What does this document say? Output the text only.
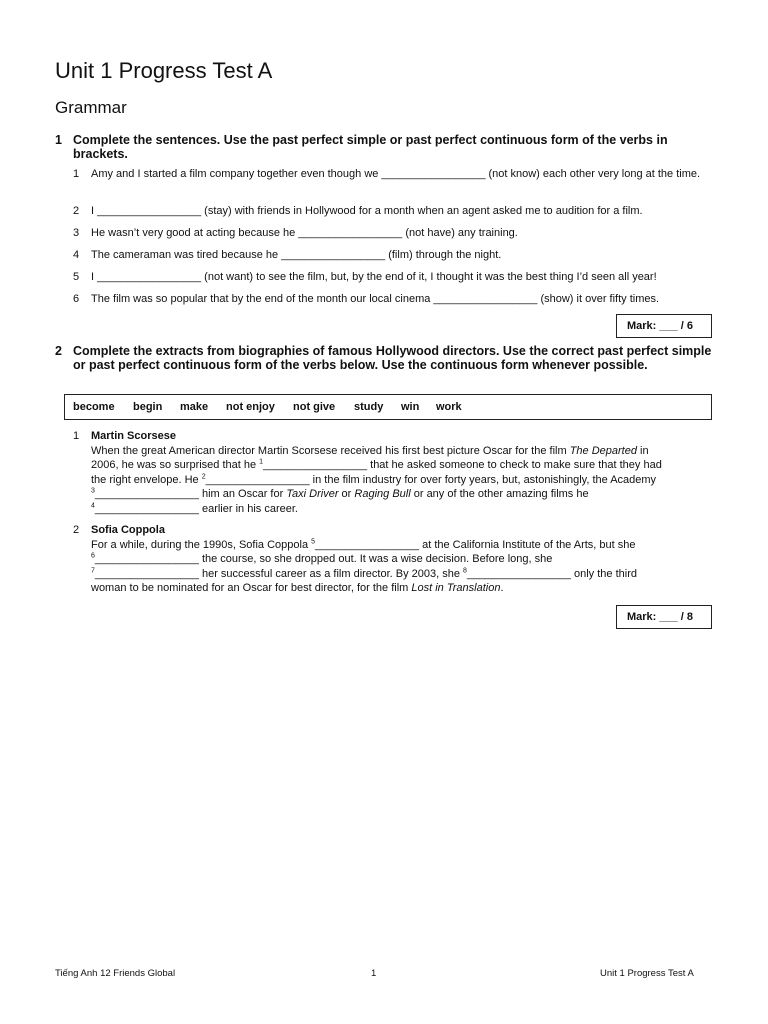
Unit 1 Progress Test A
Grammar
1 Complete the sentences. Use the past perfect simple or past perfect continuous form of the verbs in brackets.
1 Amy and I started a film company together even though we _________________ (not know) each other very long at the time.
2 I _________________ (stay) with friends in Hollywood for a month when an agent asked me to audition for a film.
3 He wasn’t very good at acting because he _________________ (not have) any training.
4 The cameraman was tired because he _________________ (film) through the night.
5 I _________________ (not want) to see the film, but, by the end of it, I thought it was the best thing I’d seen all year!
6 The film was so popular that by the end of the month our local cinema _________________ (show) it over fifty times.
Mark: ___ / 6
2 Complete the extracts from biographies of famous Hollywood directors. Use the correct past perfect simple or past perfect continuous form of the verbs below. Use the continuous form whenever possible.
become begin make not enjoy not give study win work
1 Martin Scorsese
When the great American director Martin Scorsese received his first best picture Oscar for the film The Departed in
2006, he was so surprised that he $^1$_________________ that he asked someone to check to make sure that they had
the right envelope. He $^2$_________________ in the film industry for over forty years, but, astonishingly, the Academy
$^3$_________________ him an Oscar for Taxi Driver or Raging Bull or any of the other amazing films he
$^4$_________________ earlier in his career.
2 Sofia Coppola
For a while, during the 1990s, Sofia Coppola $^5$_________________ at the California Institute of the Arts, but she
$^6$_________________ the course, so she dropped out. It was a wise decision. Before long, she
$^7$_________________ her successful career as a film director. By 2003, she $^8$_________________ only the third
woman to be nominated for an Oscar for best director, for the film Lost in Translation.
Mark: ___ / 8
Tiếng Anh 12 Friends Global	1	Unit 1 Progress Test A
